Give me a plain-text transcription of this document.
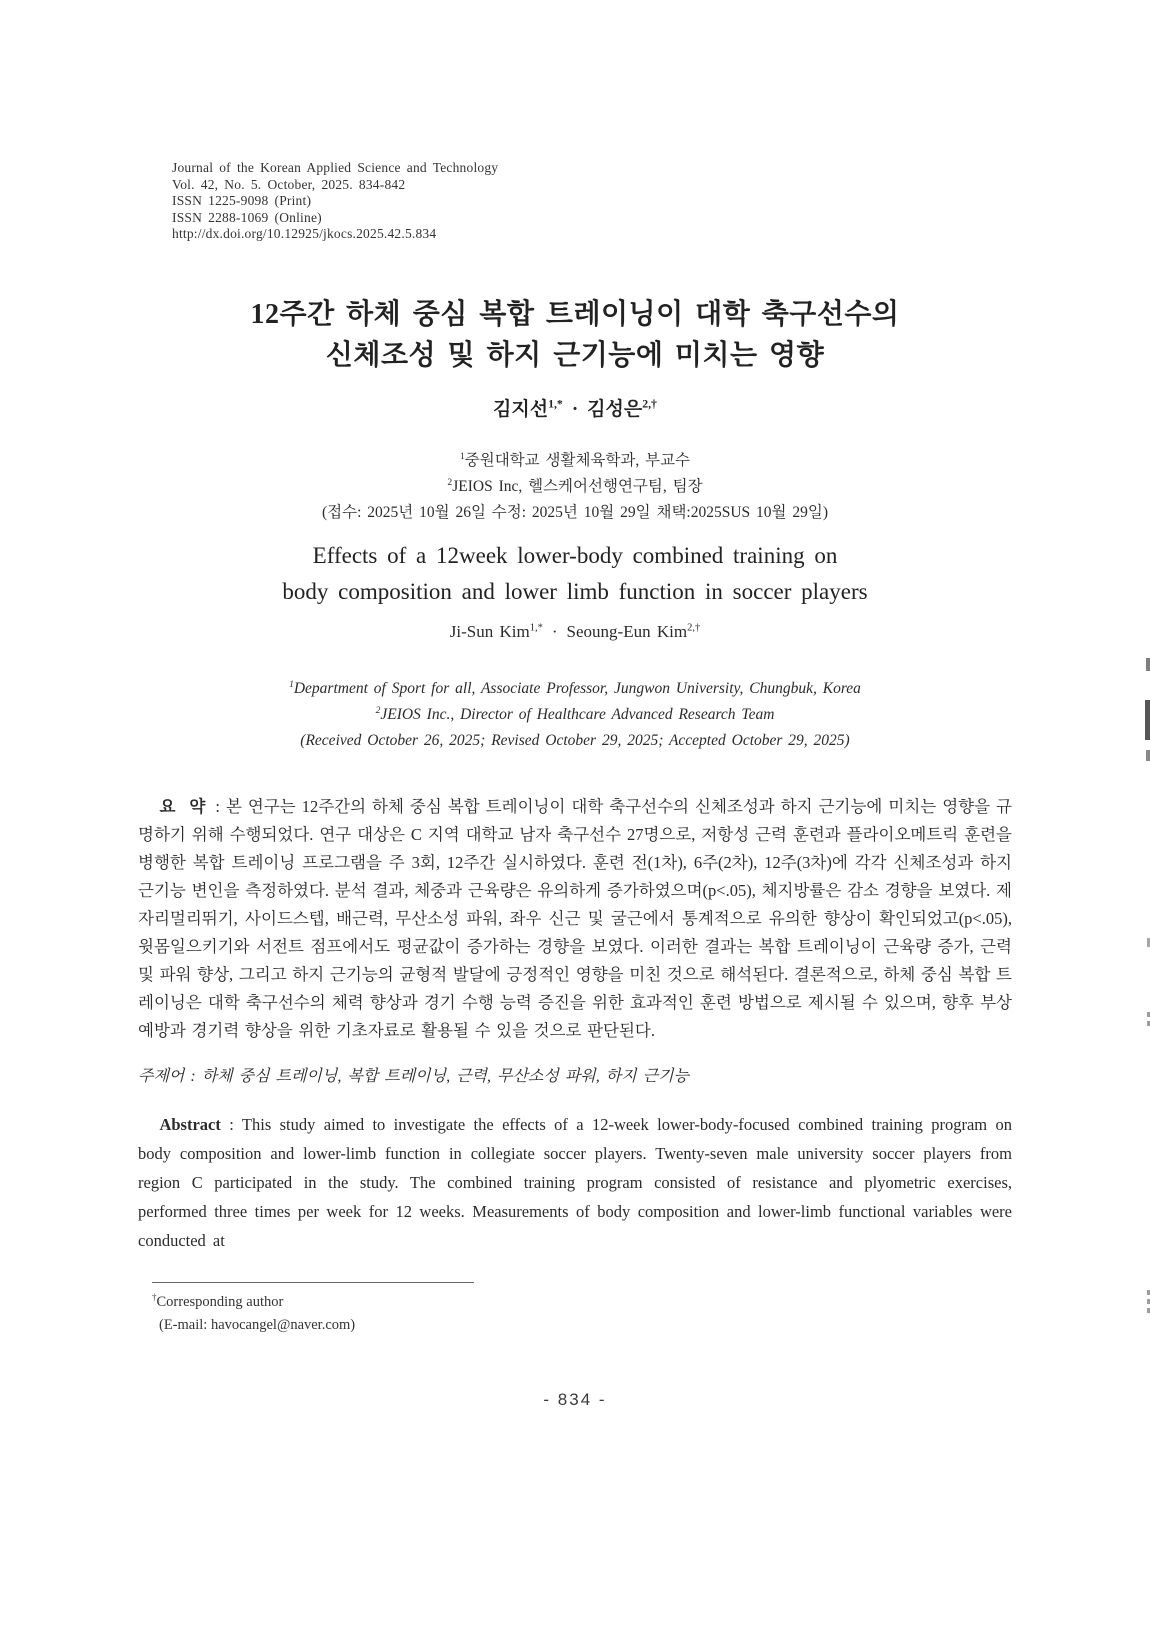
Journal of the Korean Applied Science and Technology
Vol. 42, No. 5. October, 2025. 834-842
ISSN 1225-9098 (Print)
ISSN 2288-1069 (Online)
http://dx.doi.org/10.12925/jkocs.2025.42.5.834
12주간 하체 중심 복합 트레이닝이 대학 축구선수의
신체조성 및 하지 근기능에 미치는 영향
김지선$^{1,*}$ · 김성은$^{2,\dagger}$
$^1$중원대학교 생활체육학과, 부교수
$^2$JEIOS Inc, 헬스케어선행연구팀, 팀장
(접수: 2025년 10월 26일 수정: 2025년 10월 29일 채택:2025SUS 10월 29일)
Effects of a 12week lower-body combined training on
body composition and lower limb function in soccer players
Ji-Sun Kim$^{1,*}$ · Seoung-Eun Kim$^{2,\dagger}$
$^1$Department of Sport for all, Associate Professor, Jungwon University, Chungbuk, Korea
$^2$JEIOS Inc., Director of Healthcare Advanced Research Team
(Received October 26, 2025; Revised October 29, 2025; Accepted October 29, 2025)

요 약 : 본 연구는 12주간의 하체 중심 복합 트레이닝이 대학 축구선수의 신체조성과 하지 근기능에 미치는 영향을 규명하기 위해 수행되었다. 연구 대상은 C 지역 대학교 남자 축구선수 27명으로, 저항성 근력 훈련과 플라이오메트릭 훈련을 병행한 복합 트레이닝 프로그램을 주 3회, 12주간 실시하였다. 훈련 전(1차), 6주(2차), 12주(3차)에 각각 신체조성과 하지 근기능 변인을 측정하였다. 분석 결과, 체중과 근육량은 유의하게 증가하였으며(p<.05), 체지방률은 감소 경향을 보였다. 제자리멀리뛰기, 사이드스텝, 배근력, 무산소성 파워, 좌우 신근 및 굴근에서 통계적으로 유의한 향상이 확인되었고(p<.05), 윗몸일으키기와 서전트 점프에서도 평균값이 증가하는 경향을 보였다. 이러한 결과는 복합 트레이닝이 근육량 증가, 근력 및 파워 향상, 그리고 하지 근기능의 균형적 발달에 긍정적인 영향을 미친 것으로 해석된다. 결론적으로, 하체 중심 복합 트레이닝은 대학 축구선수의 체력 향상과 경기 수행 능력 증진을 위한 효과적인 훈련 방법으로 제시될 수 있으며, 향후 부상 예방과 경기력 향상을 위한 기초자료로 활용될 수 있을 것으로 판단된다.

주제어 : 하체 중심 트레이닝, 복합 트레이닝, 근력, 무산소성 파워, 하지 근기능

Abstract : This study aimed to investigate the effects of a 12-week lower-body-focused combined training program on body composition and lower-limb function in collegiate soccer players. Twenty-seven male university soccer players from region C participated in the study. The combined training program consisted of resistance and plyometric exercises, performed three times per week for 12 weeks. Measurements of body composition and lower-limb functional variables were conducted at

†Corresponding author
(E-mail: havocangel@naver.com)
- 834 -
